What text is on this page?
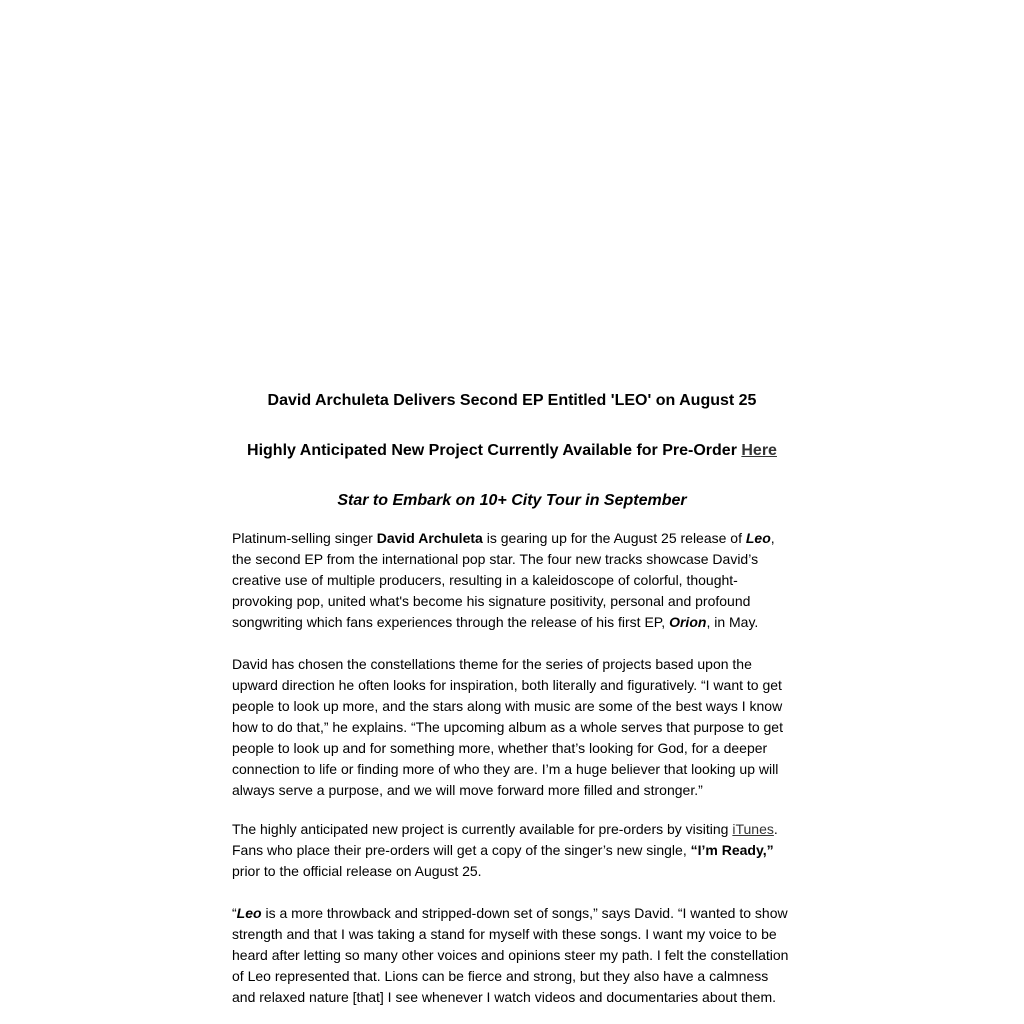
David Archuleta Delivers Second EP Entitled 'LEO' on August 25

Highly Anticipated New Project Currently Available for Pre-Order Here

Star to Embark on 10+ City Tour in September

Platinum-selling singer David Archuleta is gearing up for the August 25 release of Leo, the second EP from the international pop star. The four new tracks showcase David’s creative use of multiple producers, resulting in a kaleidoscope of colorful, thought-provoking pop, united what's become his signature positivity, personal and profound songwriting which fans experiences through the release of his first EP, Orion, in May.

David has chosen the constellations theme for the series of projects based upon the upward direction he often looks for inspiration, both literally and figuratively. “I want to get people to look up more, and the stars along with music are some of the best ways I know how to do that,” he explains. “The upcoming album as a whole serves that purpose to get people to look up and for something more, whether that’s looking for God, for a deeper connection to life or finding more of who they are. I’m a huge believer that looking up will always serve a purpose, and we will move forward more filled and stronger.”

The highly anticipated new project is currently available for pre-orders by visiting iTunes. Fans who place their pre-orders will get a copy of the singer’s new single, “I’m Ready,” prior to the official release on August 25.

“Leo is a more throwback and stripped-down set of songs,” says David. “I wanted to show strength and that I was taking a stand for myself with these songs. I want my voice to be heard after letting so many other voices and opinions steer my path. I felt the constellation of Leo represented that. Lions can be fierce and strong, but they also have a calmness and relaxed nature [that] I see whenever I watch videos and documentaries about them.
